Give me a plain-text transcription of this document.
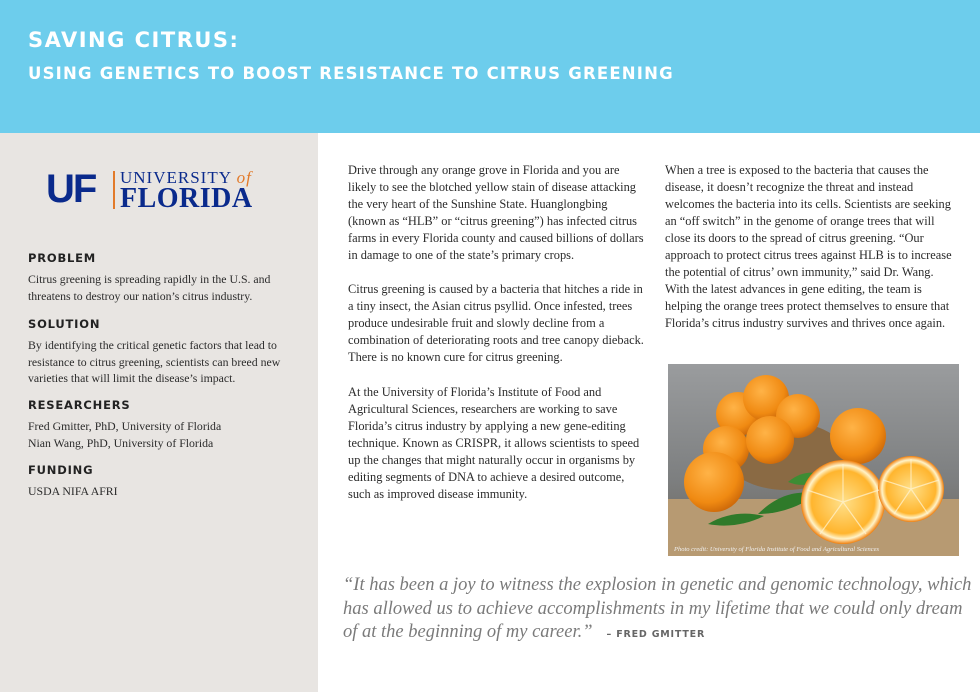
SAVING CITRUS:
USING GENETICS TO BOOST RESISTANCE TO CITRUS GREENING
UF UNIVERSITY of
FLORIDA
PROBLEM

Citrus greening is spreading rapidly in the U.S. and threatens to destroy our nation’s citrus industry.

SOLUTION

By identifying the critical genetic factors that lead to resistance to citrus greening, scientists can breed new varieties that will limit the disease’s impact.

RESEARCHERS

Fred Gmitter, PhD, University of Florida

Nian Wang, PhD, University of Florida

FUNDING

USDA NIFA AFRI

Drive through any orange grove in Florida and you are likely to see the blotched yellow stain of disease attacking the very heart of the Sunshine State. Huanglongbing (known as “HLB” or “citrus greening”) has infected citrus farms in every Florida county and caused billions of dollars in damage to one of the state’s primary crops.

Citrus greening is caused by a bacteria that hitches a ride in a tiny insect, the Asian citrus psyllid. Once infested, trees produce undesirable fruit and slowly decline from a combination of deteriorating roots and tree canopy dieback. There is no known cure for citrus greening.

At the University of Florida’s Institute of Food and Agricultural Sciences, researchers are working to save Florida’s citrus industry by applying a new gene-editing technique. Known as CRISPR, it allows scientists to speed up the changes that might naturally occur in organisms by editing segments of DNA to achieve a desired outcome, such as improved disease immunity.

When a tree is exposed to the bacteria that causes the disease, it doesn’t recognize the threat and instead welcomes the bacteria into its cells. Scientists are seeking an “off switch” in the genome of orange trees that will close its doors to the spread of citrus greening. “Our approach to protect citrus trees against HLB is to increase the potential of citrus’ own immunity,” said Dr. Wang. With the latest advances in gene editing, the team is helping the orange trees protect themselves to ensure that Florida’s citrus industry survives and thrives once again.

Photo credit: University of Florida Institute of Food and Agricultural Sciences

“It has been a joy to witness the explosion in genetic and genomic technology, which has allowed us to achieve accomplishments in my lifetime that we could only dream of at the beginning of my career.” – FRED GMITTER
